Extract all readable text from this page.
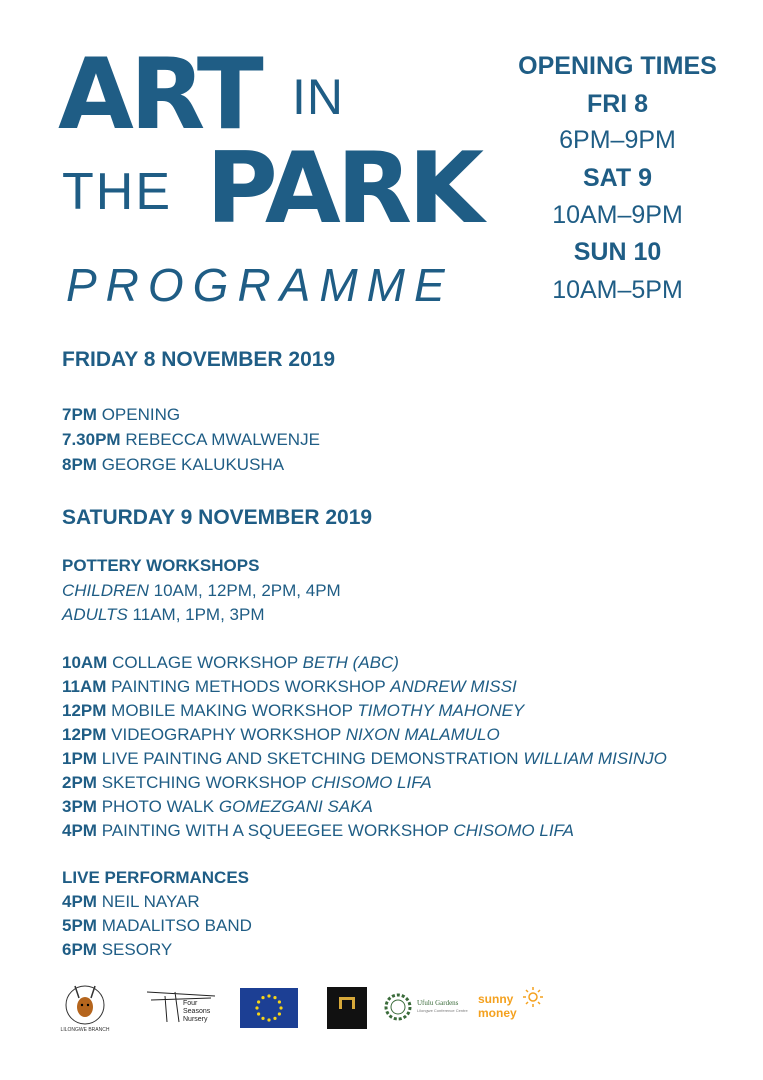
ART IN
THE PARK
PROGRAMME
OPENING TIMES
FRI 8
6PM–9PM
SAT 9
10AM–9PM
SUN 10
10AM–5PM
FRIDAY 8 NOVEMBER 2019
7PM OPENING
7.30PM REBECCA MWALWENJE
8PM GEORGE KALUKUSHA
SATURDAY 9 NOVEMBER 2019
POTTERY WORKSHOPS
CHILDREN 10AM, 12PM, 2PM, 4PM
ADULTS 11AM, 1PM, 3PM
10AM COLLAGE WORKSHOP BETH (ABC)
11AM PAINTING METHODS WORKSHOP ANDREW MISSI
12PM MOBILE MAKING WORKSHOP TIMOTHY MAHONEY
12PM VIDEOGRAPHY WORKSHOP NIXON MALAMULO
1PM LIVE PAINTING AND SKETCHING DEMONSTRATION WILLIAM MISINJO
2PM SKETCHING WORKSHOP CHISOMO LIFA
3PM PHOTO WALK GOMEZGANI SAKA
4PM PAINTING WITH A SQUEEGEE WORKSHOP CHISOMO LIFA
LIVE PERFORMANCES
4PM NEIL NAYAR
5PM MADALITSO BAND
6PM SESORY
LILONGWE BRANCH
Four
Seasons
Nursery
Ufulu Gardens
Lilongwe Conference Centre
sunny
money
